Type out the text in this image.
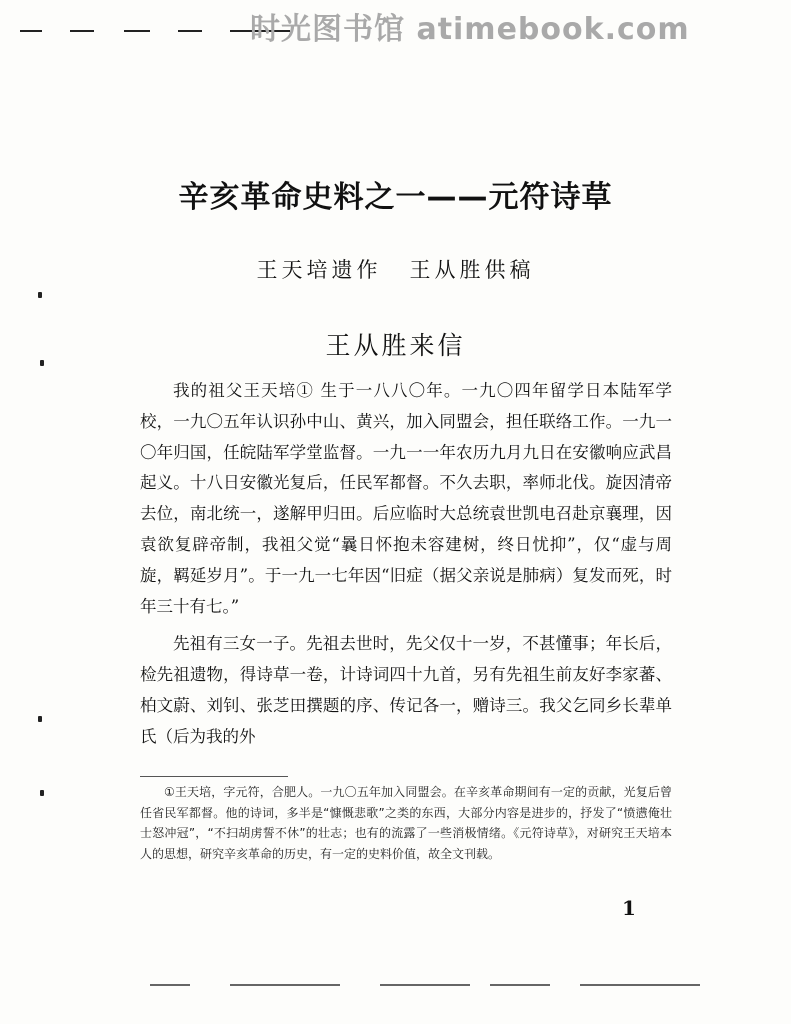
时光图书馆 atimebook.com
辛亥革命史料之一——元符诗草
王天培遗作 王从胜供稿
王从胜来信

我的祖父王天培① 生于一八八〇年。一九〇四年留学日本陆军学校，一九〇五年认识孙中山、黄兴，加入同盟会，担任联络工作。一九一〇年归国，任皖陆军学堂监督。一九一一年农历九月九日在安徽响应武昌起义。十八日安徽光复后，任民军都督。不久去职，率师北伐。旋因清帝去位，南北统一，遂解甲归田。后应临时大总统袁世凯电召赴京襄理，因袁欲复辟帝制，我祖父觉“曩日怀抱未容建树，终日忧抑”，仅“虚与周旋，羁延岁月”。于一九一七年因“旧症（据父亲说是肺病）复发而死，时年三十有七。”

先祖有三女一子。先祖去世时，先父仅十一岁，不甚懂事；年长后，检先祖遗物，得诗草一卷，计诗词四十九首，另有先祖生前友好李家蕃、柏文蔚、刘钊、张芝田撰题的序、传记各一，赠诗三。我父乞同乡长辈单氏（后为我的外

①王天培，字元符，合肥人。一九〇五年加入同盟会。在辛亥革命期间有一定的贡献，光复后曾任省民军都督。他的诗词，多半是“慷慨悲歌”之类的东西，大部分内容是进步的，抒发了“愤懑俺壮士怒冲冠”，“不扫胡虏誓不休”的壮志；也有的流露了一些消极情绪。《元符诗草》，对研究王天培本人的思想，研究辛亥革命的历史，有一定的史料价值，故全文刊载。
1
